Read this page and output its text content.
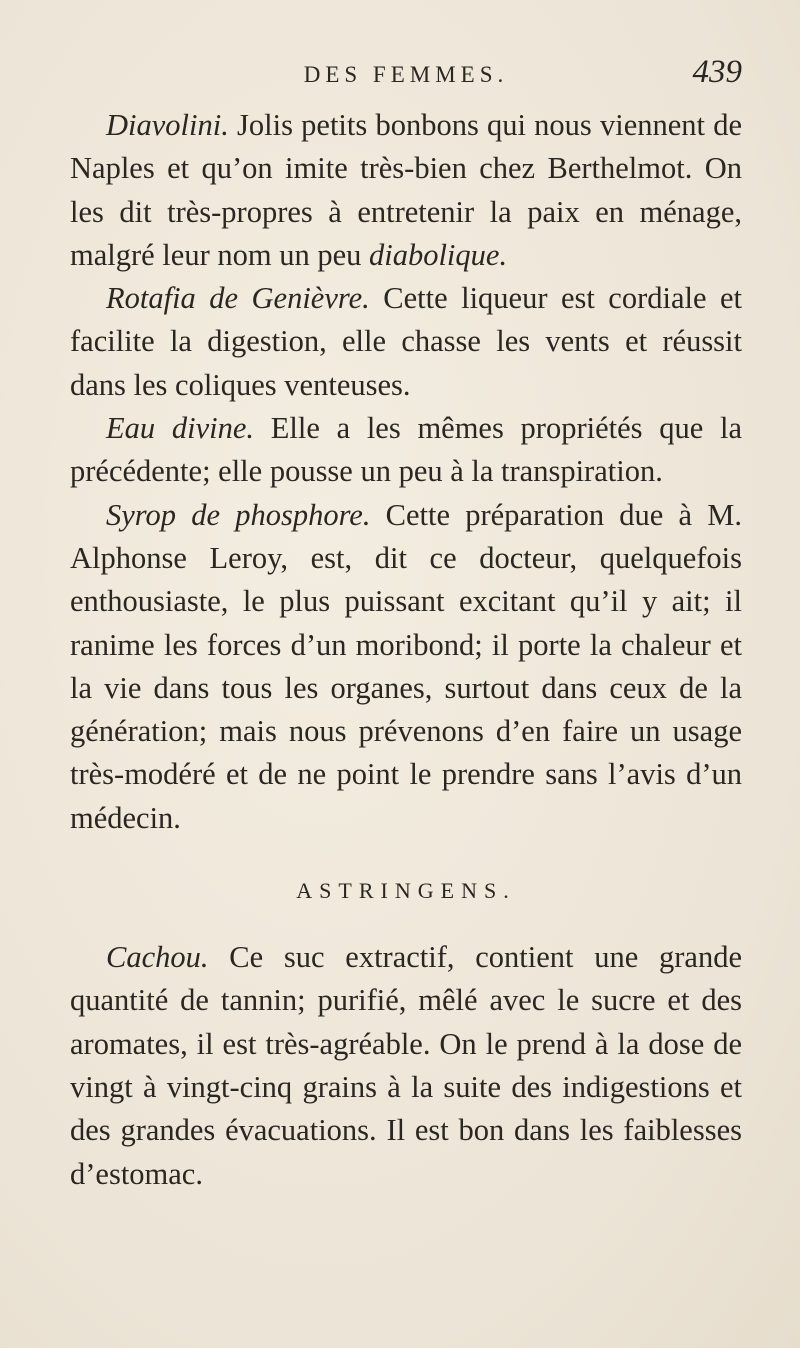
DES FEMMES.	439

Diavolini. Jolis petits bonbons qui nous viennent de Naples et qu’on imite très-bien chez Berthelmot. On les dit très-propres à entretenir la paix en ménage, malgré leur nom un peu diabolique.

Rotafia de Genièvre. Cette liqueur est cordiale et facilite la digestion, elle chasse les vents et réussit dans les coliques venteuses.

Eau divine. Elle a les mêmes propriétés que la précédente; elle pousse un peu à la transpiration.

Syrop de phosphore. Cette préparation due à M. Alphonse Leroy, est, dit ce docteur, quelquefois enthousiaste, le plus puissant excitant qu’il y ait; il ranime les forces d’un moribond; il porte la chaleur et la vie dans tous les organes, surtout dans ceux de la génération; mais nous prévenons d’en faire un usage très-modéré et de ne point le prendre sans l’avis d’un médecin.

ASTRINGENS.

Cachou. Ce suc extractif, contient une grande quantité de tannin; purifié, mêlé avec le sucre et des aromates, il est très-agréable. On le prend à la dose de vingt à vingt-cinq grains à la suite des indigestions et des grandes évacuations. Il est bon dans les faiblesses d’estomac.
